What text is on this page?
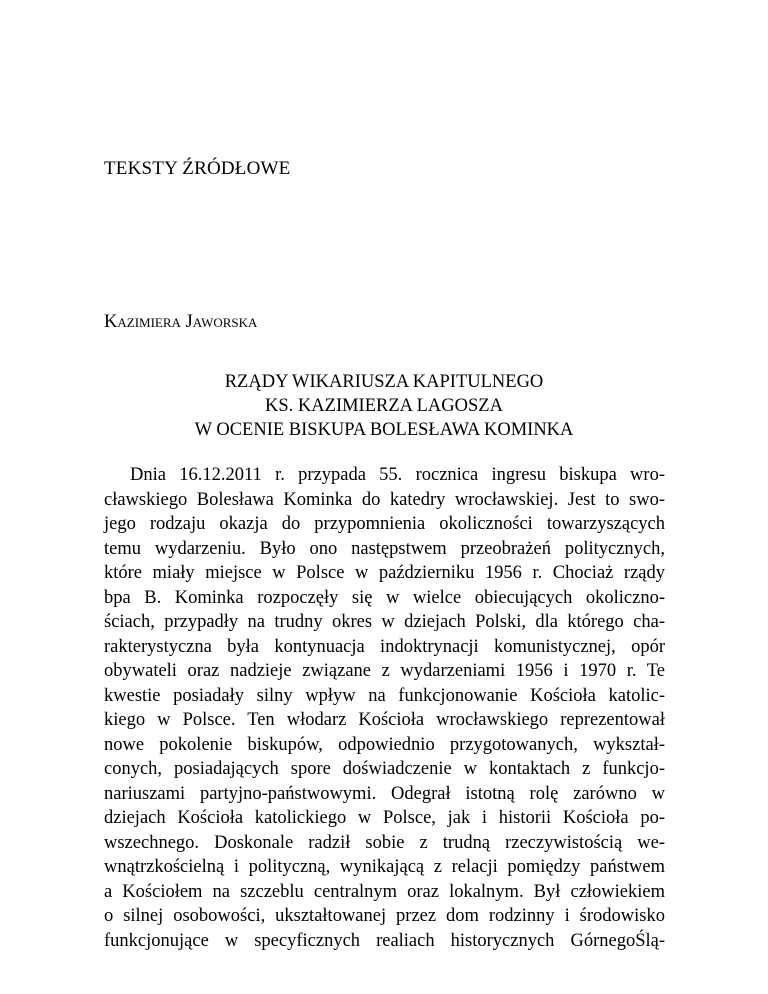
TEKSTY ŹRÓDŁOWE
Kazimiera Jaworska
RZĄDY WIKARIUSZA KAPITULNEGO
KS. KAZIMIERZA LAGOSZA
W OCENIE BISKUPA BOLESŁAWA KOMINKA
Dnia 16.12.2011 r. przypada 55. rocznica ingresu biskupa wro-
cławskiego Bolesława Kominka do katedry wrocławskiej. Jest to swo-
jego rodzaju okazja do przypomnienia okoliczności towarzyszących
temu wydarzeniu. Było ono następstwem przeobrażeń politycznych,
które miały miejsce w Polsce w październiku 1956 r. Chociaż rządy
bpa B. Kominka rozpoczęły się w wielce obiecujących okoliczno-
ściach, przypadły na trudny okres w dziejach Polski, dla którego cha-
rakterystyczna była kontynuacja indoktrynacji komunistycznej, opór
obywateli oraz nadzieje związane z wydarzeniami 1956 i 1970 r. Te
kwestie posiadały silny wpływ na funkcjonowanie Kościoła katolic-
kiego w Polsce. Ten włodarz Kościoła wrocławskiego reprezentował
nowe pokolenie biskupów, odpowiednio przygotowanych, wykształ-
conych, posiadających spore doświadczenie w kontaktach z funkcjo-
nariuszami partyjno-państwowymi. Odegrał istotną rolę zarówno w
dziejach Kościoła katolickiego w Polsce, jak i historii Kościoła po-
wszechnego. Doskonale radził sobie z trudną rzeczywistością we-
wnątrzkościelną i polityczną, wynikającą z relacji pomiędzy państwem
a Kościołem na szczeblu centralnym oraz lokalnym. Był człowiekiem
o silnej osobowości, ukształtowanej przez dom rodzinny i środowisko
funkcjonujące w specyficznych realiach historycznych GórnegoŚlą-
